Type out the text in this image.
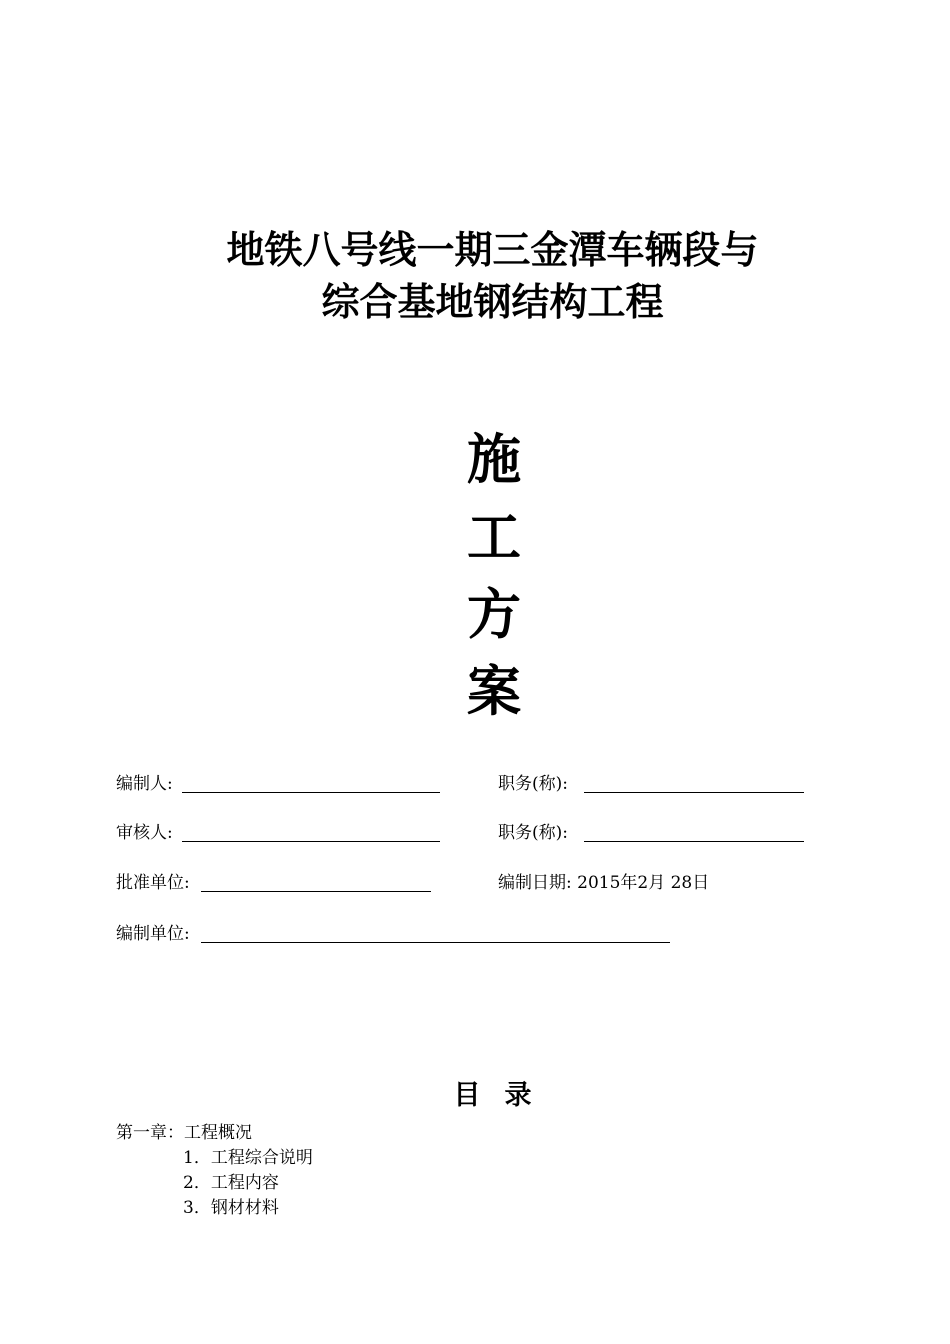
地铁八号线一期三金潭车辆段与
综合基地钢结构工程
施
工
方
案
编制人:	职务(称):
审核人:	职务(称):
批准单位:	编制日期: 2015年2月 28日
编制单位:
目录
第一章：工程概况
1．工程综合说明
2．工程内容
3．钢材材料
